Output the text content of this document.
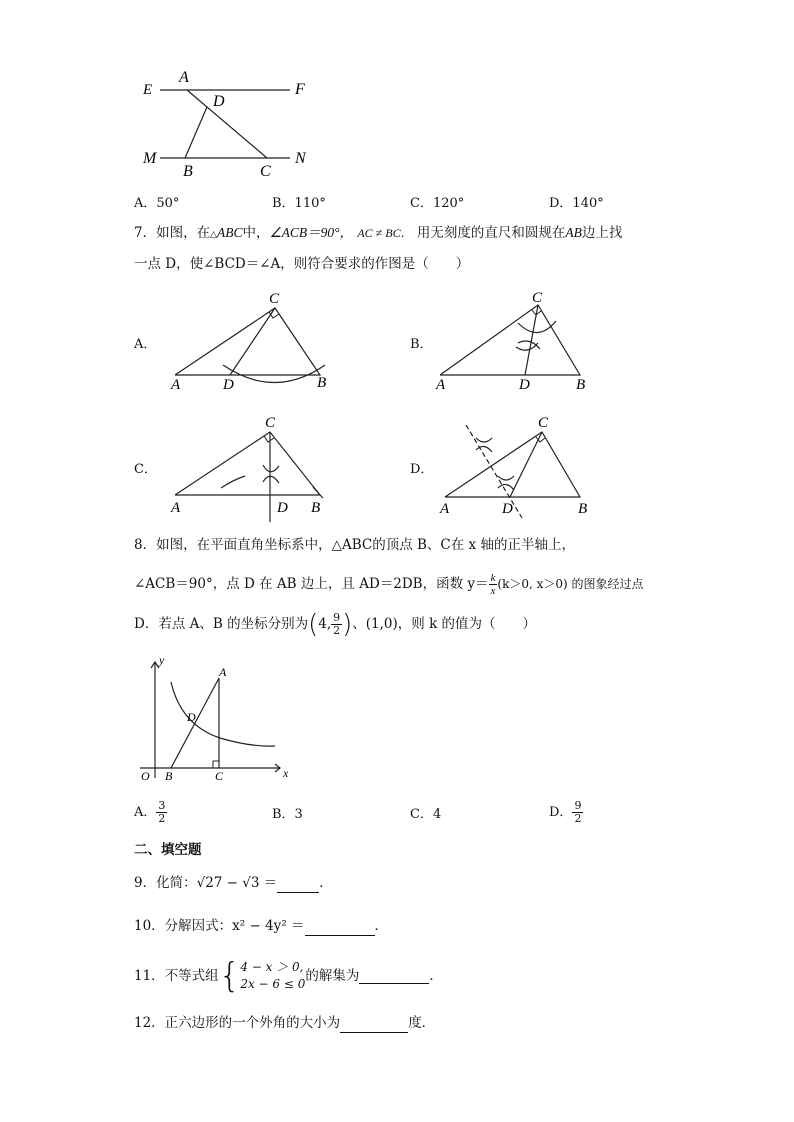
E
A
F
D
M
B	C
N
A．50°	B．110°	C．120°	D．140°
7．如图，在△ABC中，∠ACB＝90°， AC ≠ BC． 用无刻度的直尺和圆规在AB边上找
一点 D，使∠BCD＝∠A，则符合要求的作图是（　　）
A．	B．
C．	D．
C
A	D	B
C
A	D	B
C
A	D B
C
A	D	B
8．如图，在平面直角坐标系中，△ABC的顶点 B、C在 x 轴的正半轴上，
∠ACB＝90°，点 D 在 AB 边上，且 AD＝2DB，函数 $y= \frac{k}{x} (k>0$, x＞0) 的图象经过点
D．若点 A、B 的坐标分别为(4, $\frac{9}{2}$ )、(1,0)，则 k 的值为（　　）
y
A
D
O B	C	x
A． $\frac{3}{2}$	B．3	C．4	D． $\frac{9}{2}$
二、填空题
9．化简：√27 − √3 ＝	．
10．分解因式：x² − 4y² ＝	．
11．不等式组{ 4 − x ＞ 0,
2x − 6 ≤ 0 的解集为	．
12．正六边形的一个外角的大小为	度．
